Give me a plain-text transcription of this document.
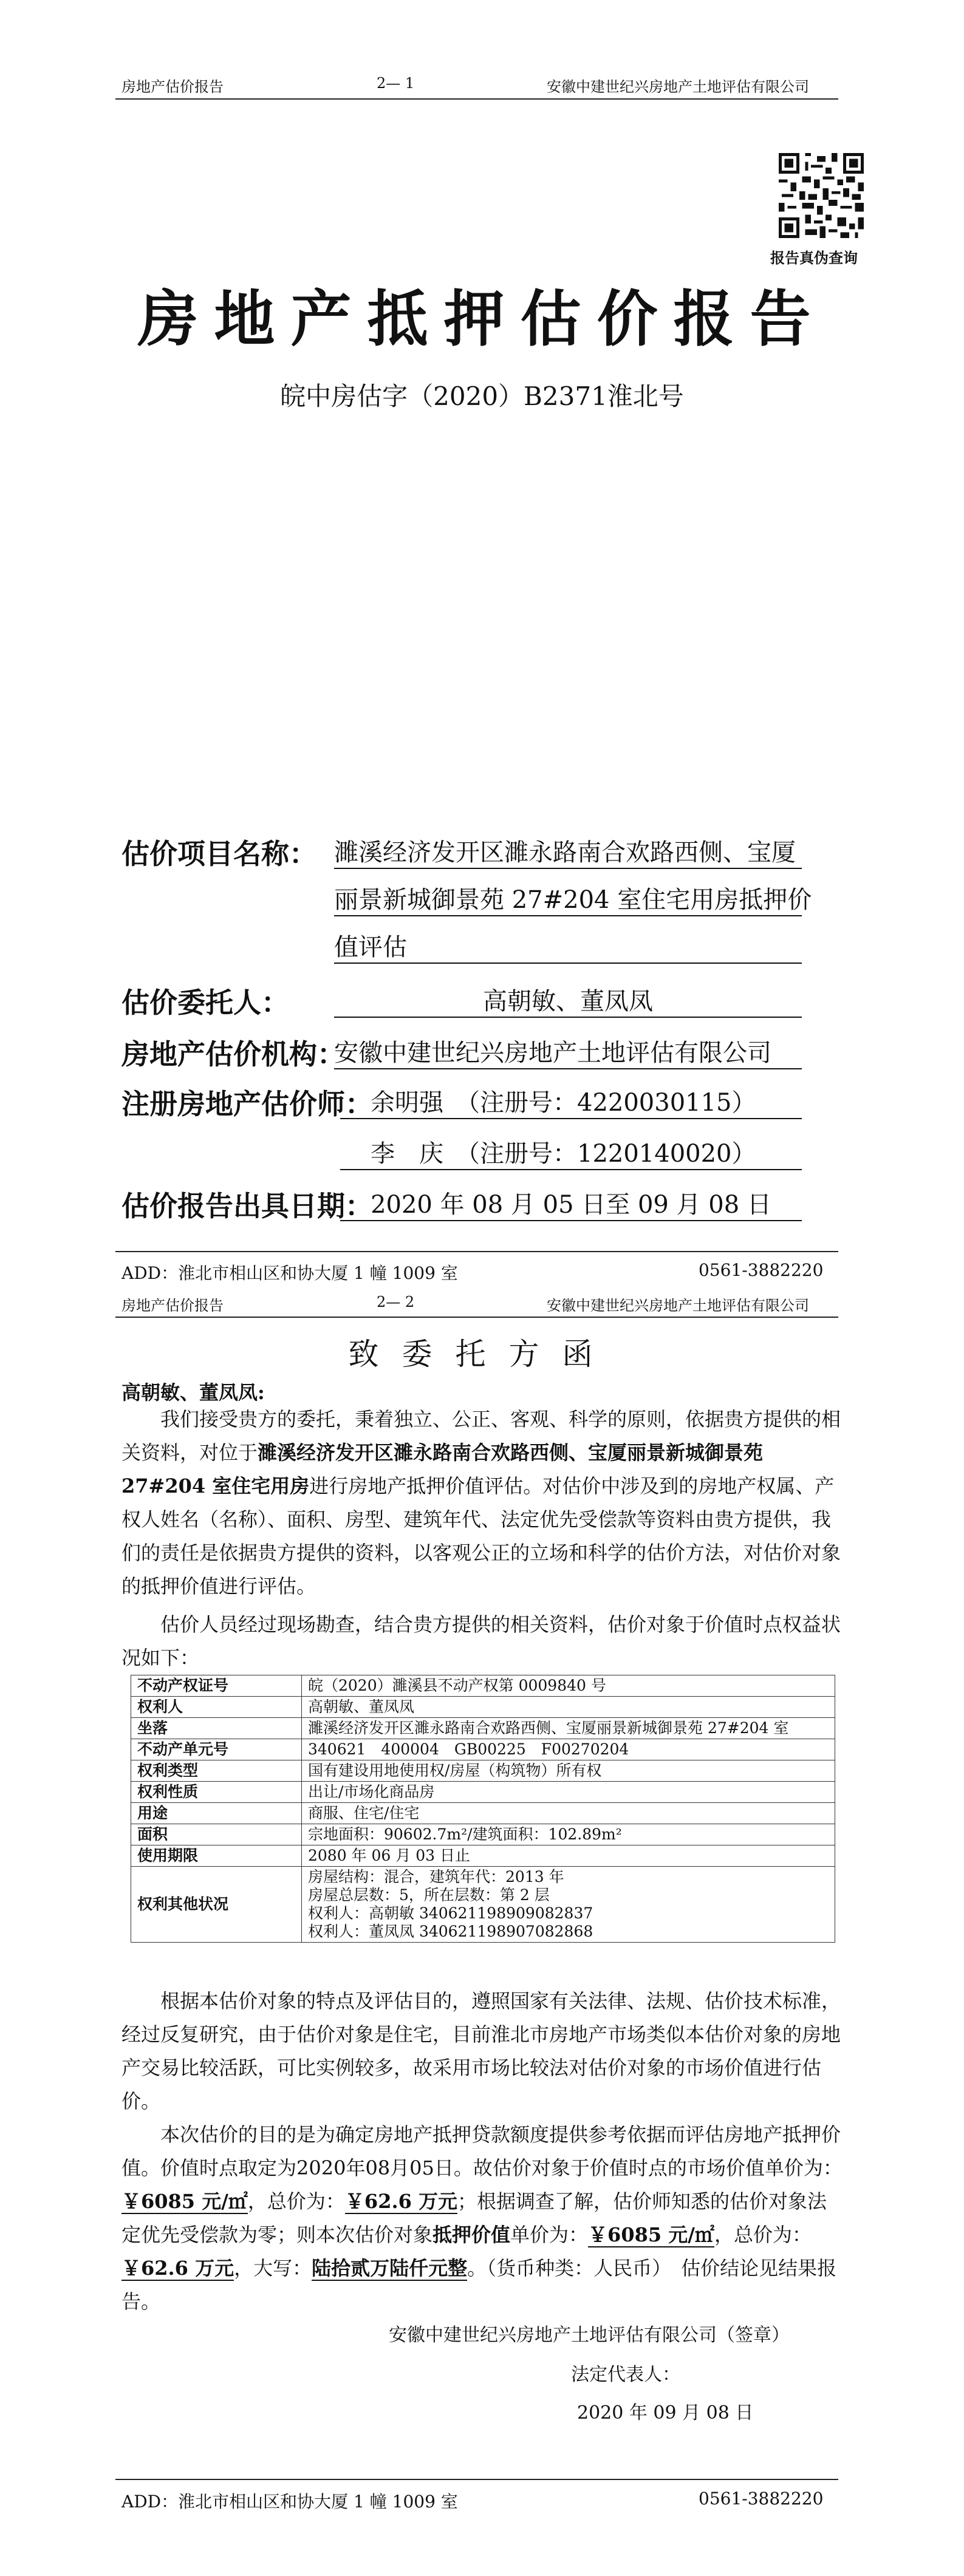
房地产估价报告	2— 1	安徽中建世纪兴房地产土地评估有限公司
报告真伪查询
房地产抵押估价报告
皖中房估字（2020）B2371淮北号
估价项目名称： 濉溪经济发开区濉永路南合欢路西侧、宝厦
丽景新城御景苑 27#204 室住宅用房抵押价
值评估
估价委托人：	高朝敏、董凤凤
房地产估价机构：
安徽中建世纪兴房地产土地评估有限公司
注册房地产估价师：
余明强　（注册号：4220030115）
李　庆　（注册号：1220140020）
估价报告出具日期：
2020 年 08 月 05 日至 09 月 08 日
ADD：淮北市相山区和协大厦 1 幢 1009 室	0561-3882220
房地产估价报告	2— 2	安徽中建世纪兴房地产土地评估有限公司
致委托方函
高朝敏、董凤凤:
我们接受贵方的委托，秉着独立、公正、客观、科学的原则，依据贵方提供的相关资料，对位于濉溪经济发开区濉永路南合欢路西侧、宝厦丽景新城御景苑 27#204 室住宅用房进行房地产抵押价值评估。对估价中涉及到的房地产权属、产权人姓名（名称）、面积、房型、建筑年代、法定优先受偿款等资料由贵方提供，我们的责任是依据贵方提供的资料，以客观公正的立场和科学的估价方法，对估价对象的抵押价值进行评估。
估价人员经过现场勘查，结合贵方提供的相关资料，估价对象于价值时点权益状况如下：
不动产权证号	皖（2020）濉溪县不动产权第 0009840 号
权利人	高朝敏、董凤凤
坐落	濉溪经济发开区濉永路南合欢路西侧、宝厦丽景新城御景苑 27#204 室
不动产单元号	340621　400004　GB00225　F00270204
权利类型	国有建设用地使用权/房屋（构筑物）所有权
权利性质	出让/市场化商品房
用途	商服、住宅/住宅
面积	宗地面积：90602.7m²/建筑面积：102.89m²
使用期限	2080 年 06 月 03 日止
权利其他状况	房屋结构：混合，建筑年代：2013 年
房屋总层数：5，所在层数：第 2 层
权利人：高朝敏 340621198909082837
权利人：董凤凤 340621198907082868
根据本估价对象的特点及评估目的，遵照国家有关法律、法规、估价技术标准，经过反复研究，由于估价对象是住宅，目前淮北市房地产市场类似本估价对象的房地产交易比较活跃，可比实例较多，故采用市场比较法对估价对象的市场价值进行估价。
本次估价的目的是为确定房地产抵押贷款额度提供参考依据而评估房地产抵押价值。价值时点取定为2020年08月05日。故估价对象于价值时点的市场价值单价为：￥6085 元/㎡，总价为：￥62.6 万元；根据调查了解，估价师知悉的估价对象法定优先受偿款为零；则本次估价对象抵押价值单价为：￥6085 元/㎡，总价为：￥62.6 万元，大写：陆拾贰万陆仟元整。（货币种类：人民币）　估价结论见结果报告。
安徽中建世纪兴房地产土地评估有限公司（签章）
法定代表人：
2020 年 09 月 08 日
ADD：淮北市相山区和协大厦 1 幢 1009 室	0561-3882220
